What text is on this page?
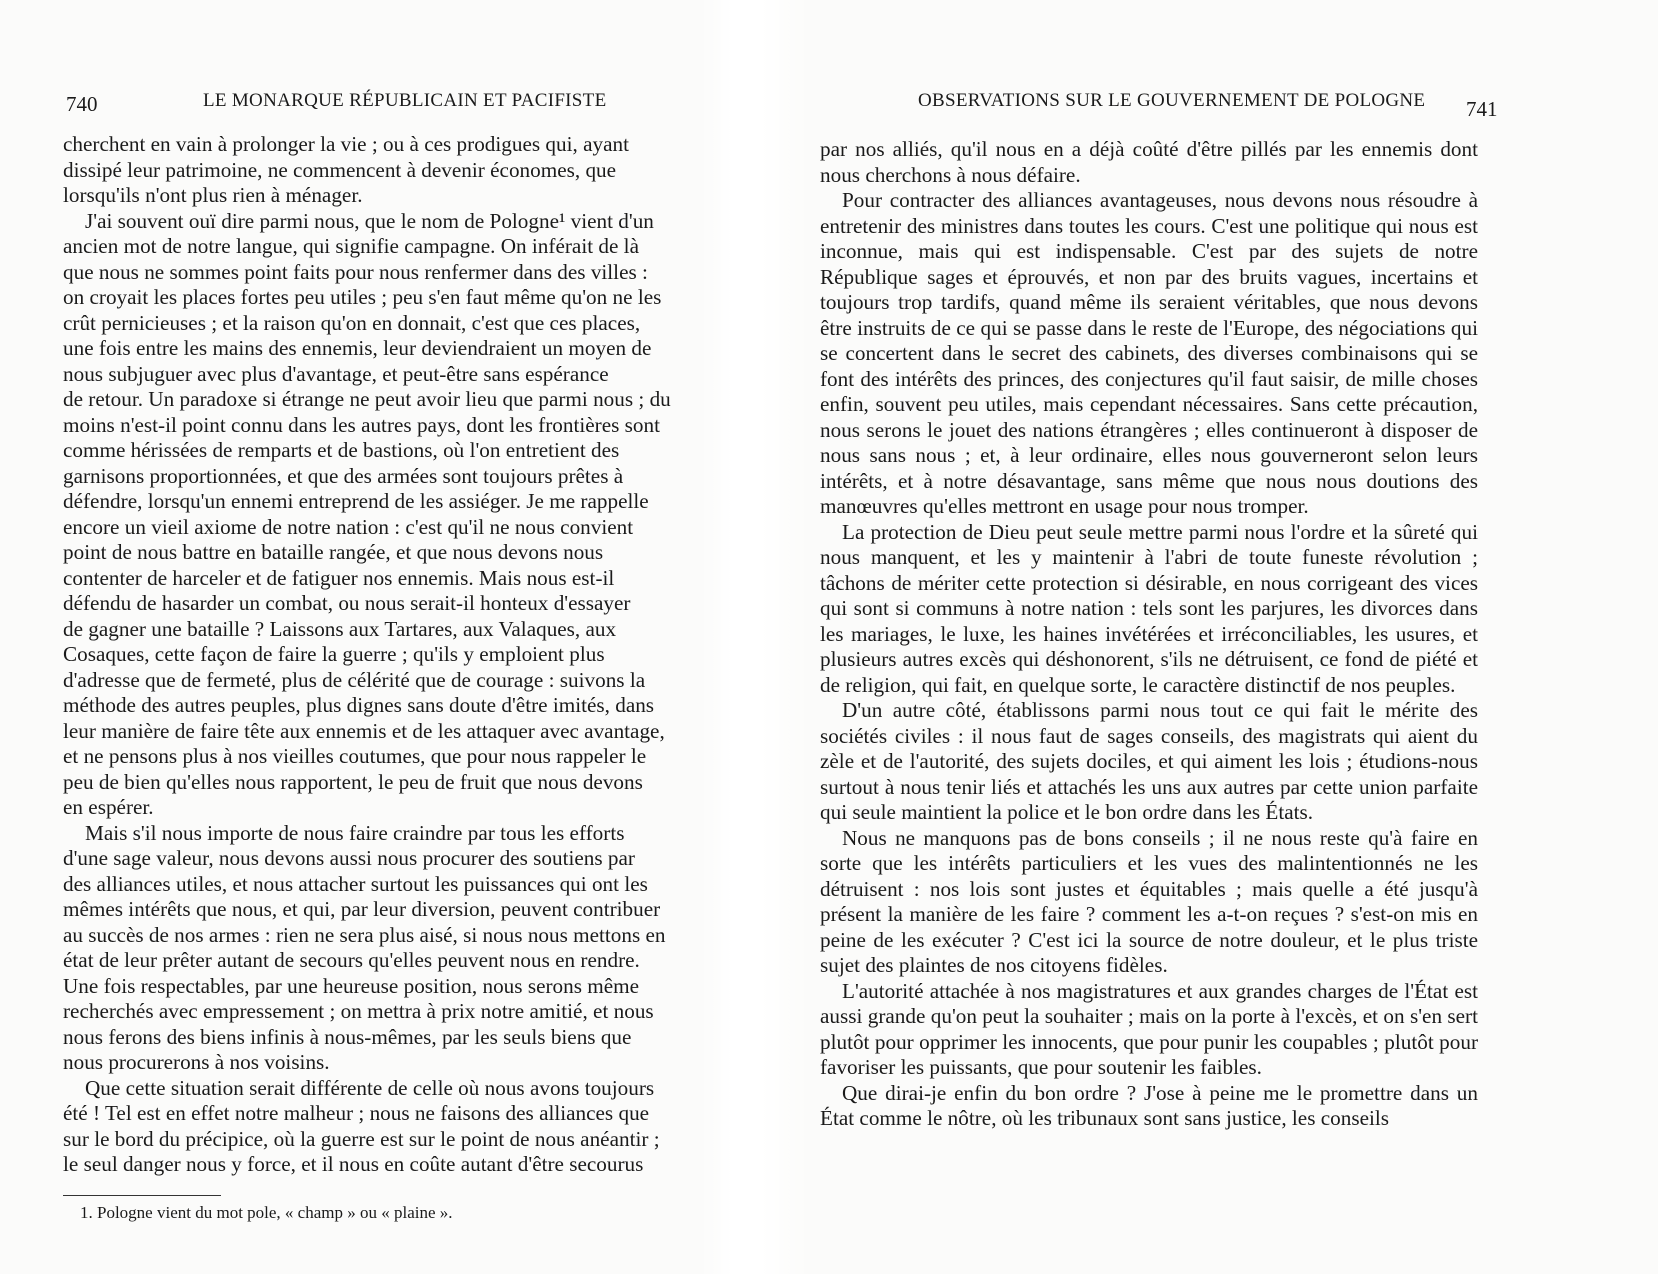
740	LE MONARQUE RÉPUBLICAIN ET PACIFISTE

cherchent en vain à prolonger la vie ; ou à ces prodigues qui, ayant

dissipé leur patrimoine, ne commencent à devenir économes, que

lorsqu'ils n'ont plus rien à ménager.

J'ai souvent ouï dire parmi nous, que le nom de Pologne¹ vient d'un

ancien mot de notre langue, qui signifie campagne. On inférait de là

que nous ne sommes point faits pour nous renfermer dans des villes :

on croyait les places fortes peu utiles ; peu s'en faut même qu'on ne les

crût pernicieuses ; et la raison qu'on en donnait, c'est que ces places,

une fois entre les mains des ennemis, leur deviendraient un moyen de

nous subjuguer avec plus d'avantage, et peut-être sans espérance

de retour. Un paradoxe si étrange ne peut avoir lieu que parmi nous ; du

moins n'est-il point connu dans les autres pays, dont les frontières sont

comme hérissées de remparts et de bastions, où l'on entretient des

garnisons proportionnées, et que des armées sont toujours prêtes à

défendre, lorsqu'un ennemi entreprend de les assiéger. Je me rappelle

encore un vieil axiome de notre nation : c'est qu'il ne nous convient

point de nous battre en bataille rangée, et que nous devons nous

contenter de harceler et de fatiguer nos ennemis. Mais nous est-il

défendu de hasarder un combat, ou nous serait-il honteux d'essayer

de gagner une bataille ? Laissons aux Tartares, aux Valaques, aux

Cosaques, cette façon de faire la guerre ; qu'ils y emploient plus

d'adresse que de fermeté, plus de célérité que de courage : suivons la

méthode des autres peuples, plus dignes sans doute d'être imités, dans

leur manière de faire tête aux ennemis et de les attaquer avec avantage,

et ne pensons plus à nos vieilles coutumes, que pour nous rappeler le

peu de bien qu'elles nous rapportent, le peu de fruit que nous devons

en espérer.

Mais s'il nous importe de nous faire craindre par tous les efforts

d'une sage valeur, nous devons aussi nous procurer des soutiens par

des alliances utiles, et nous attacher surtout les puissances qui ont les

mêmes intérêts que nous, et qui, par leur diversion, peuvent contribuer

au succès de nos armes : rien ne sera plus aisé, si nous nous mettons en

état de leur prêter autant de secours qu'elles peuvent nous en rendre.

Une fois respectables, par une heureuse position, nous serons même

recherchés avec empressement ; on mettra à prix notre amitié, et nous

nous ferons des biens infinis à nous-mêmes, par les seuls biens que

nous procurerons à nos voisins.

Que cette situation serait différente de celle où nous avons toujours

été ! Tel est en effet notre malheur ; nous ne faisons des alliances que

sur le bord du précipice, où la guerre est sur le point de nous anéantir ;

le seul danger nous y force, et il nous en coûte autant d'être secourus

1. Pologne vient du mot pole, « champ » ou « plaine ».
OBSERVATIONS SUR LE GOUVERNEMENT DE POLOGNE 741

par nos alliés, qu'il nous en a déjà coûté d'être pillés par les ennemis dont nous cherchons à nous défaire.

Pour contracter des alliances avantageuses, nous devons nous résoudre à entretenir des ministres dans toutes les cours. C'est une politique qui nous est inconnue, mais qui est indispensable. C'est par des sujets de notre République sages et éprouvés, et non par des bruits vagues, incertains et toujours trop tardifs, quand même ils seraient véritables, que nous devons être instruits de ce qui se passe dans le reste de l'Europe, des négociations qui se concertent dans le secret des cabinets, des diverses combinaisons qui se font des intérêts des princes, des conjectures qu'il faut saisir, de mille choses enfin, souvent peu utiles, mais cependant nécessaires. Sans cette précaution, nous serons le jouet des nations étrangères ; elles continueront à disposer de nous sans nous ; et, à leur ordinaire, elles nous gouverneront selon leurs intérêts, et à notre désavantage, sans même que nous nous doutions des manœuvres qu'elles mettront en usage pour nous tromper.

La protection de Dieu peut seule mettre parmi nous l'ordre et la sûreté qui nous manquent, et les y maintenir à l'abri de toute funeste révolution ; tâchons de mériter cette protection si désirable, en nous corrigeant des vices qui sont si communs à notre nation : tels sont les parjures, les divorces dans les mariages, le luxe, les haines invétérées et irréconciliables, les usures, et plusieurs autres excès qui déshonorent, s'ils ne détruisent, ce fond de piété et de religion, qui fait, en quelque sorte, le caractère distinctif de nos peuples.

D'un autre côté, établissons parmi nous tout ce qui fait le mérite des sociétés civiles : il nous faut de sages conseils, des magistrats qui aient du zèle et de l'autorité, des sujets dociles, et qui aiment les lois ; étudions-nous surtout à nous tenir liés et attachés les uns aux autres par cette union parfaite qui seule maintient la police et le bon ordre dans les États.

Nous ne manquons pas de bons conseils ; il ne nous reste qu'à faire en sorte que les intérêts particuliers et les vues des malintentionnés ne les détruisent : nos lois sont justes et équitables ; mais quelle a été jusqu'à présent la manière de les faire ? comment les a-t-on reçues ? s'est-on mis en peine de les exécuter ? C'est ici la source de notre douleur, et le plus triste sujet des plaintes de nos citoyens fidèles.

L'autorité attachée à nos magistratures et aux grandes charges de l'État est aussi grande qu'on peut la souhaiter ; mais on la porte à l'excès, et on s'en sert plutôt pour opprimer les innocents, que pour punir les coupables ; plutôt pour favoriser les puissants, que pour soutenir les faibles.

Que dirai-je enfin du bon ordre ? J'ose à peine me le promettre dans un État comme le nôtre, où les tribunaux sont sans justice, les conseils
